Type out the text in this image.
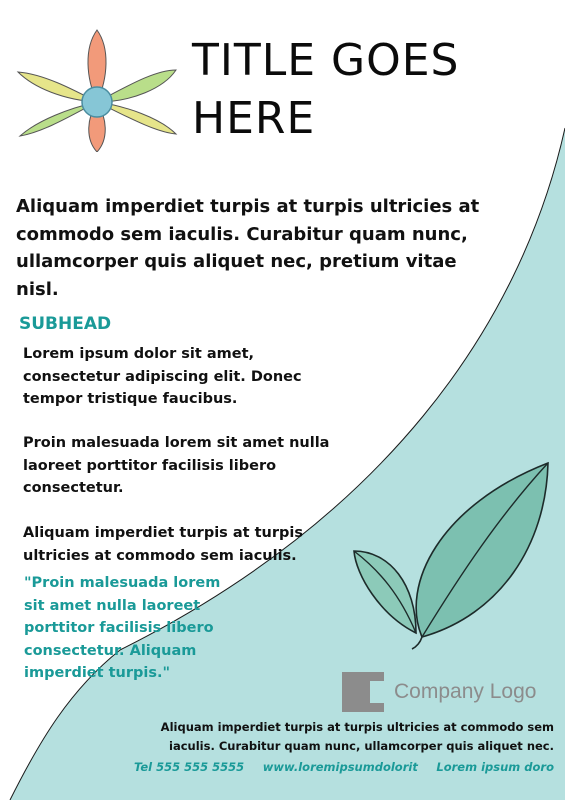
TITLE GOES HERE
Aliquam imperdiet turpis at turpis ultricies at commodo sem iaculis. Curabitur quam nunc, ullamcorper quis aliquet nec, pretium vitae nisl.
SUBHEAD
Lorem ipsum dolor sit amet, consectetur adipiscing elit. Donec tempor tristique faucibus.
Proin malesuada lorem sit amet nulla laoreet porttitor facilisis libero consectetur.
Aliquam imperdiet turpis at turpis ultricies at commodo sem iaculis.
"Proin malesuada lorem sit amet nulla laoreet porttitor facilisis libero consectetur. Aliquam imperdiet turpis."
Company Logo
Aliquam imperdiet turpis at turpis ultricies at commodo sem iaculis. Curabitur quam nunc, ullamcorper quis aliquet nec.
Tel 555 555 5555 www.loremipsumdolorit Lorem ipsum doro
